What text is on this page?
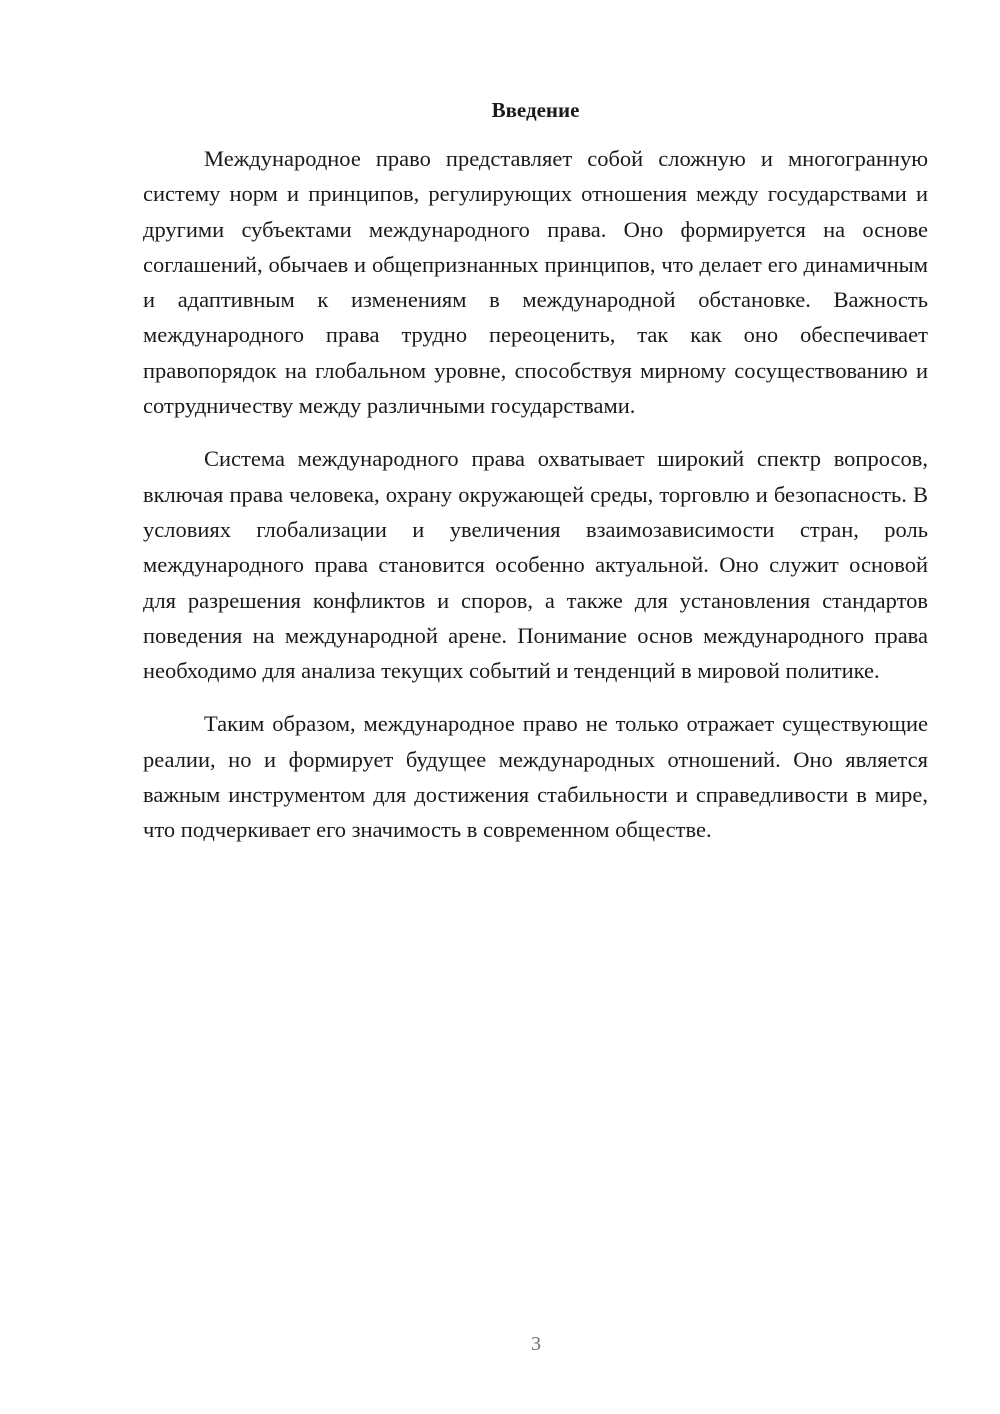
Введение

Международное право представляет собой сложную и многогранную систему норм и принципов, регулирующих отношения между государствами и другими субъектами международного права. Оно формируется на основе соглашений, обычаев и общепризнанных принципов, что делает его динамичным и адаптивным к изменениям в международной обстановке. Важность международного права трудно переоценить, так как оно обеспечивает правопорядок на глобальном уровне, способствуя мирному сосуществованию и сотрудничеству между различными государствами.

Система международного права охватывает широкий спектр вопросов, включая права человека, охрану окружающей среды, торговлю и безопасность. В условиях глобализации и увеличения взаимозависимости стран, роль международного права становится особенно актуальной. Оно служит основой для разрешения конфликтов и споров, а также для установления стандартов поведения на международной арене. Понимание основ международного права необходимо для анализа текущих событий и тенденций в мировой политике.

Таким образом, международное право не только отражает существующие реалии, но и формирует будущее международных отношений. Оно является важным инструментом для достижения стабильности и справедливости в мире, что подчеркивает его значимость в современном обществе.

3
